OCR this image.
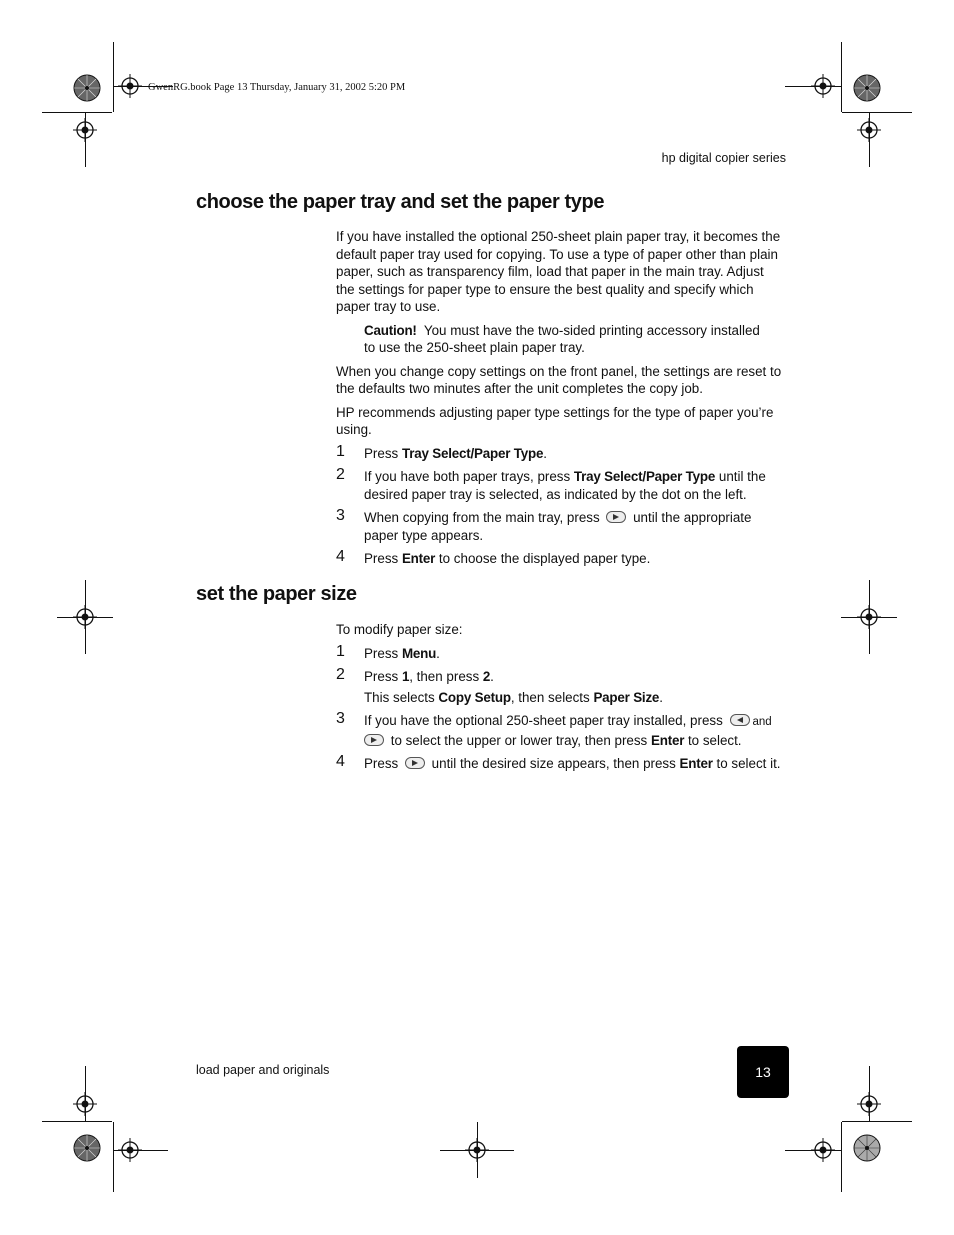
GwenRG.book Page 13 Thursday, January 31, 2002 5:20 PM
hp digital copier series
choose the paper tray and set the paper type

If you have installed the optional 250-sheet plain paper tray, it becomes the default paper tray used for copying. To use a type of paper other than plain paper, such as transparency film, load that paper in the main tray. Adjust the settings for paper type to ensure the best quality and specify which paper tray to use.

Caution! You must have the two-sided printing accessory installed to use the 250-sheet plain paper tray.

When you change copy settings on the front panel, the settings are reset to the defaults two minutes after the unit completes the copy job.

HP recommends adjusting paper type settings for the type of paper you’re using.

1 Press Tray Select/Paper Type.

2 If you have both paper trays, press Tray Select/Paper Type until the desired paper tray is selected, as indicated by the dot on the left.

3 When copying from the main tray, press
until the appropriate paper type appears.

4 Press Enter to choose the displayed paper type.

set the paper size

To modify paper size:

1 Press Menu.

2 Press 1, then press 2.
This selects Copy Setup, then selects Paper Size.

3 If you have the optional 250-sheet paper tray installed, press
and

to select the upper or lower tray, then press Enter to select.

4 Press
until the desired size appears, then press Enter to select it.

load paper and originals	13
